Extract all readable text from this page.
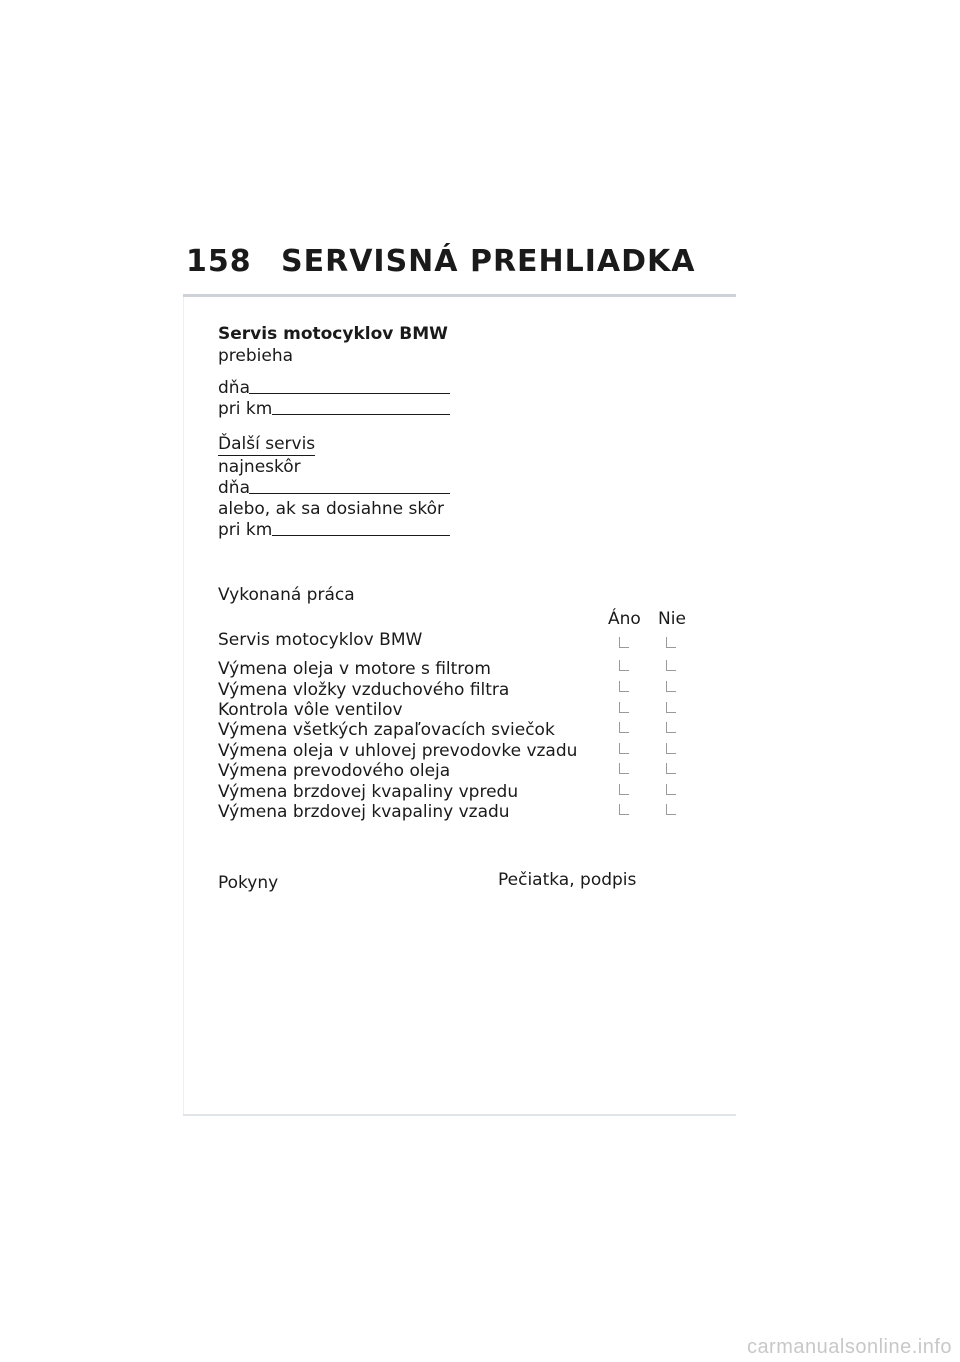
158 SERVISNÁ PREHLIADKA
Servis motocyklov BMW
prebieha
dňa
pri km
Ďalší servis
najneskôr
dňa
alebo, ak sa dosiahne skôr
pri km
Vykonaná práca
Áno Nie
Servis motocyklov BMW
Výmena oleja v motore s filtrom
Výmena vložky vzduchového filtra
Kontrola vôle ventilov
Výmena všetkých zapaľovacích sviečok
Výmena oleja v uhlovej prevodovke vzadu
Výmena prevodového oleja
Výmena brzdovej kvapaliny vpredu
Výmena brzdovej kvapaliny vzadu
Pokyny	Pečiatka, podpis
carmanualsonline.info
